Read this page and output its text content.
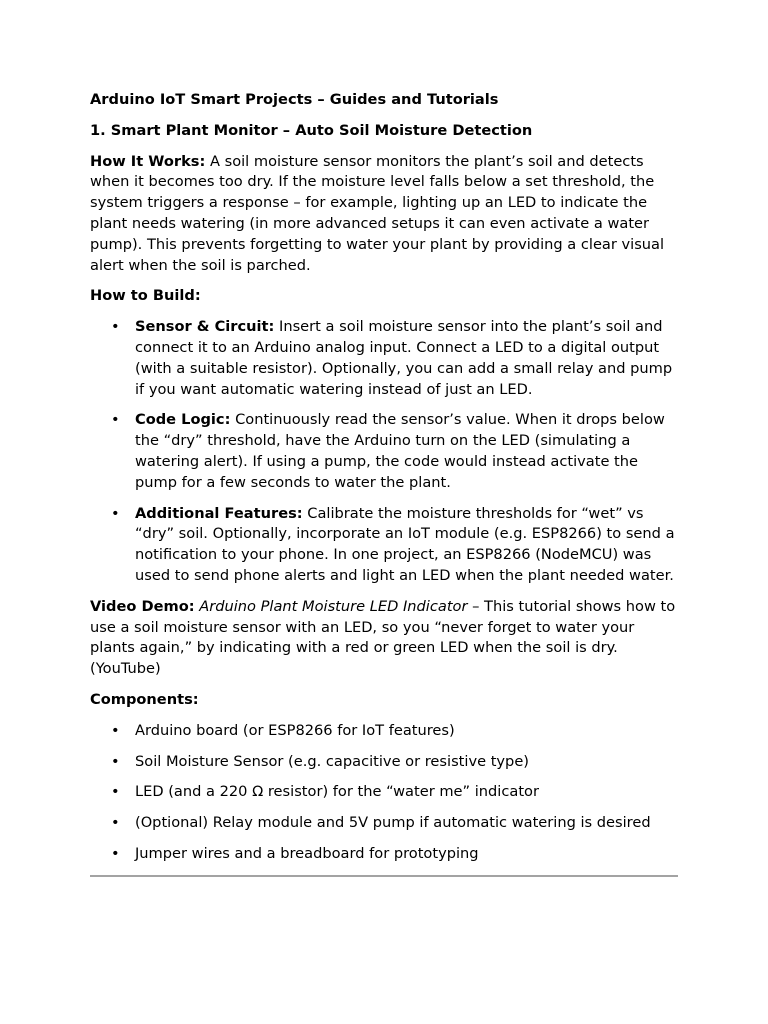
Arduino IoT Smart Projects – Guides and Tutorials

1. Smart Plant Monitor – Auto Soil Moisture Detection

How It Works: A soil moisture sensor monitors the plant’s soil and detects when it becomes too dry. If the moisture level falls below a set threshold, the system triggers a response – for example, lighting up an LED to indicate the plant needs watering (in more advanced setups it can even activate a water pump). This prevents forgetting to water your plant by providing a clear visual alert when the soil is parched.

How to Build:

• Sensor & Circuit: Insert a soil moisture sensor into the plant’s soil and connect it to an Arduino analog input. Connect a LED to a digital output (with a suitable resistor). Optionally, you can add a small relay and pump if you want automatic watering instead of just an LED.
• Code Logic: Continuously read the sensor’s value. When it drops below the “dry” threshold, have the Arduino turn on the LED (simulating a watering alert). If using a pump, the code would instead activate the pump for a few seconds to water the plant.
• Additional Features: Calibrate the moisture thresholds for “wet” vs “dry” soil. Optionally, incorporate an IoT module (e.g. ESP8266) to send a notification to your phone. In one project, an ESP8266 (NodeMCU) was used to send phone alerts and light an LED when the plant needed water.

Video Demo: Arduino Plant Moisture LED Indicator – This tutorial shows how to use a soil moisture sensor with an LED, so you “never forget to water your plants again,” by indicating with a red or green LED when the soil is dry. (YouTube)

Components:

• Arduino board (or ESP8266 for IoT features)
• Soil Moisture Sensor (e.g. capacitive or resistive type)
• LED (and a 220 Ω resistor) for the “water me” indicator
• (Optional) Relay module and 5V pump if automatic watering is desired
• Jumper wires and a breadboard for prototyping
